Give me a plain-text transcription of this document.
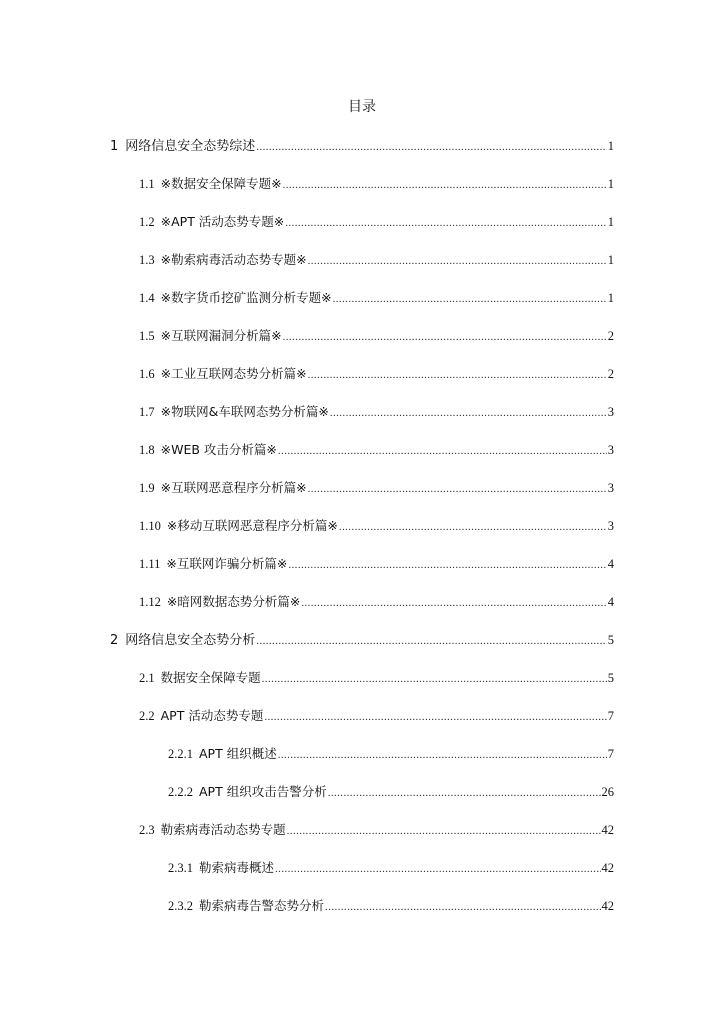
目录
1 网络信息安全态势综述 .....	1
1.1 ※数据安全保障专题※ .....	1
1.2 ※APT 活动态势专题※ .....	1
1.3 ※勒索病毒活动态势专题※ .....	1
1.4 ※数字货币挖矿监测分析专题※ .....	1
1.5 ※互联网漏洞分析篇※ .....	2
1.6 ※工业互联网态势分析篇※ .....	2
1.7 ※物联网&车联网态势分析篇※ .....	3
1.8 ※WEB 攻击分析篇※ .....	3
1.9 ※互联网恶意程序分析篇※ .....	3
1.10 ※移动互联网恶意程序分析篇※ .....	3
1.11 ※互联网诈骗分析篇※ .....	4
1.12 ※暗网数据态势分析篇※ .....	4
2 网络信息安全态势分析 .....	5
2.1 数据安全保障专题 .....	5
2.2 APT 活动态势专题 .....	7
2.2.1 APT 组织概述 .....	7
2.2.2 APT 组织攻击告警分析 .....	26
2.3 勒索病毒活动态势专题 .....	42
2.3.1 勒索病毒概述 .....	42
2.3.2 勒索病毒告警态势分析 .....	42
